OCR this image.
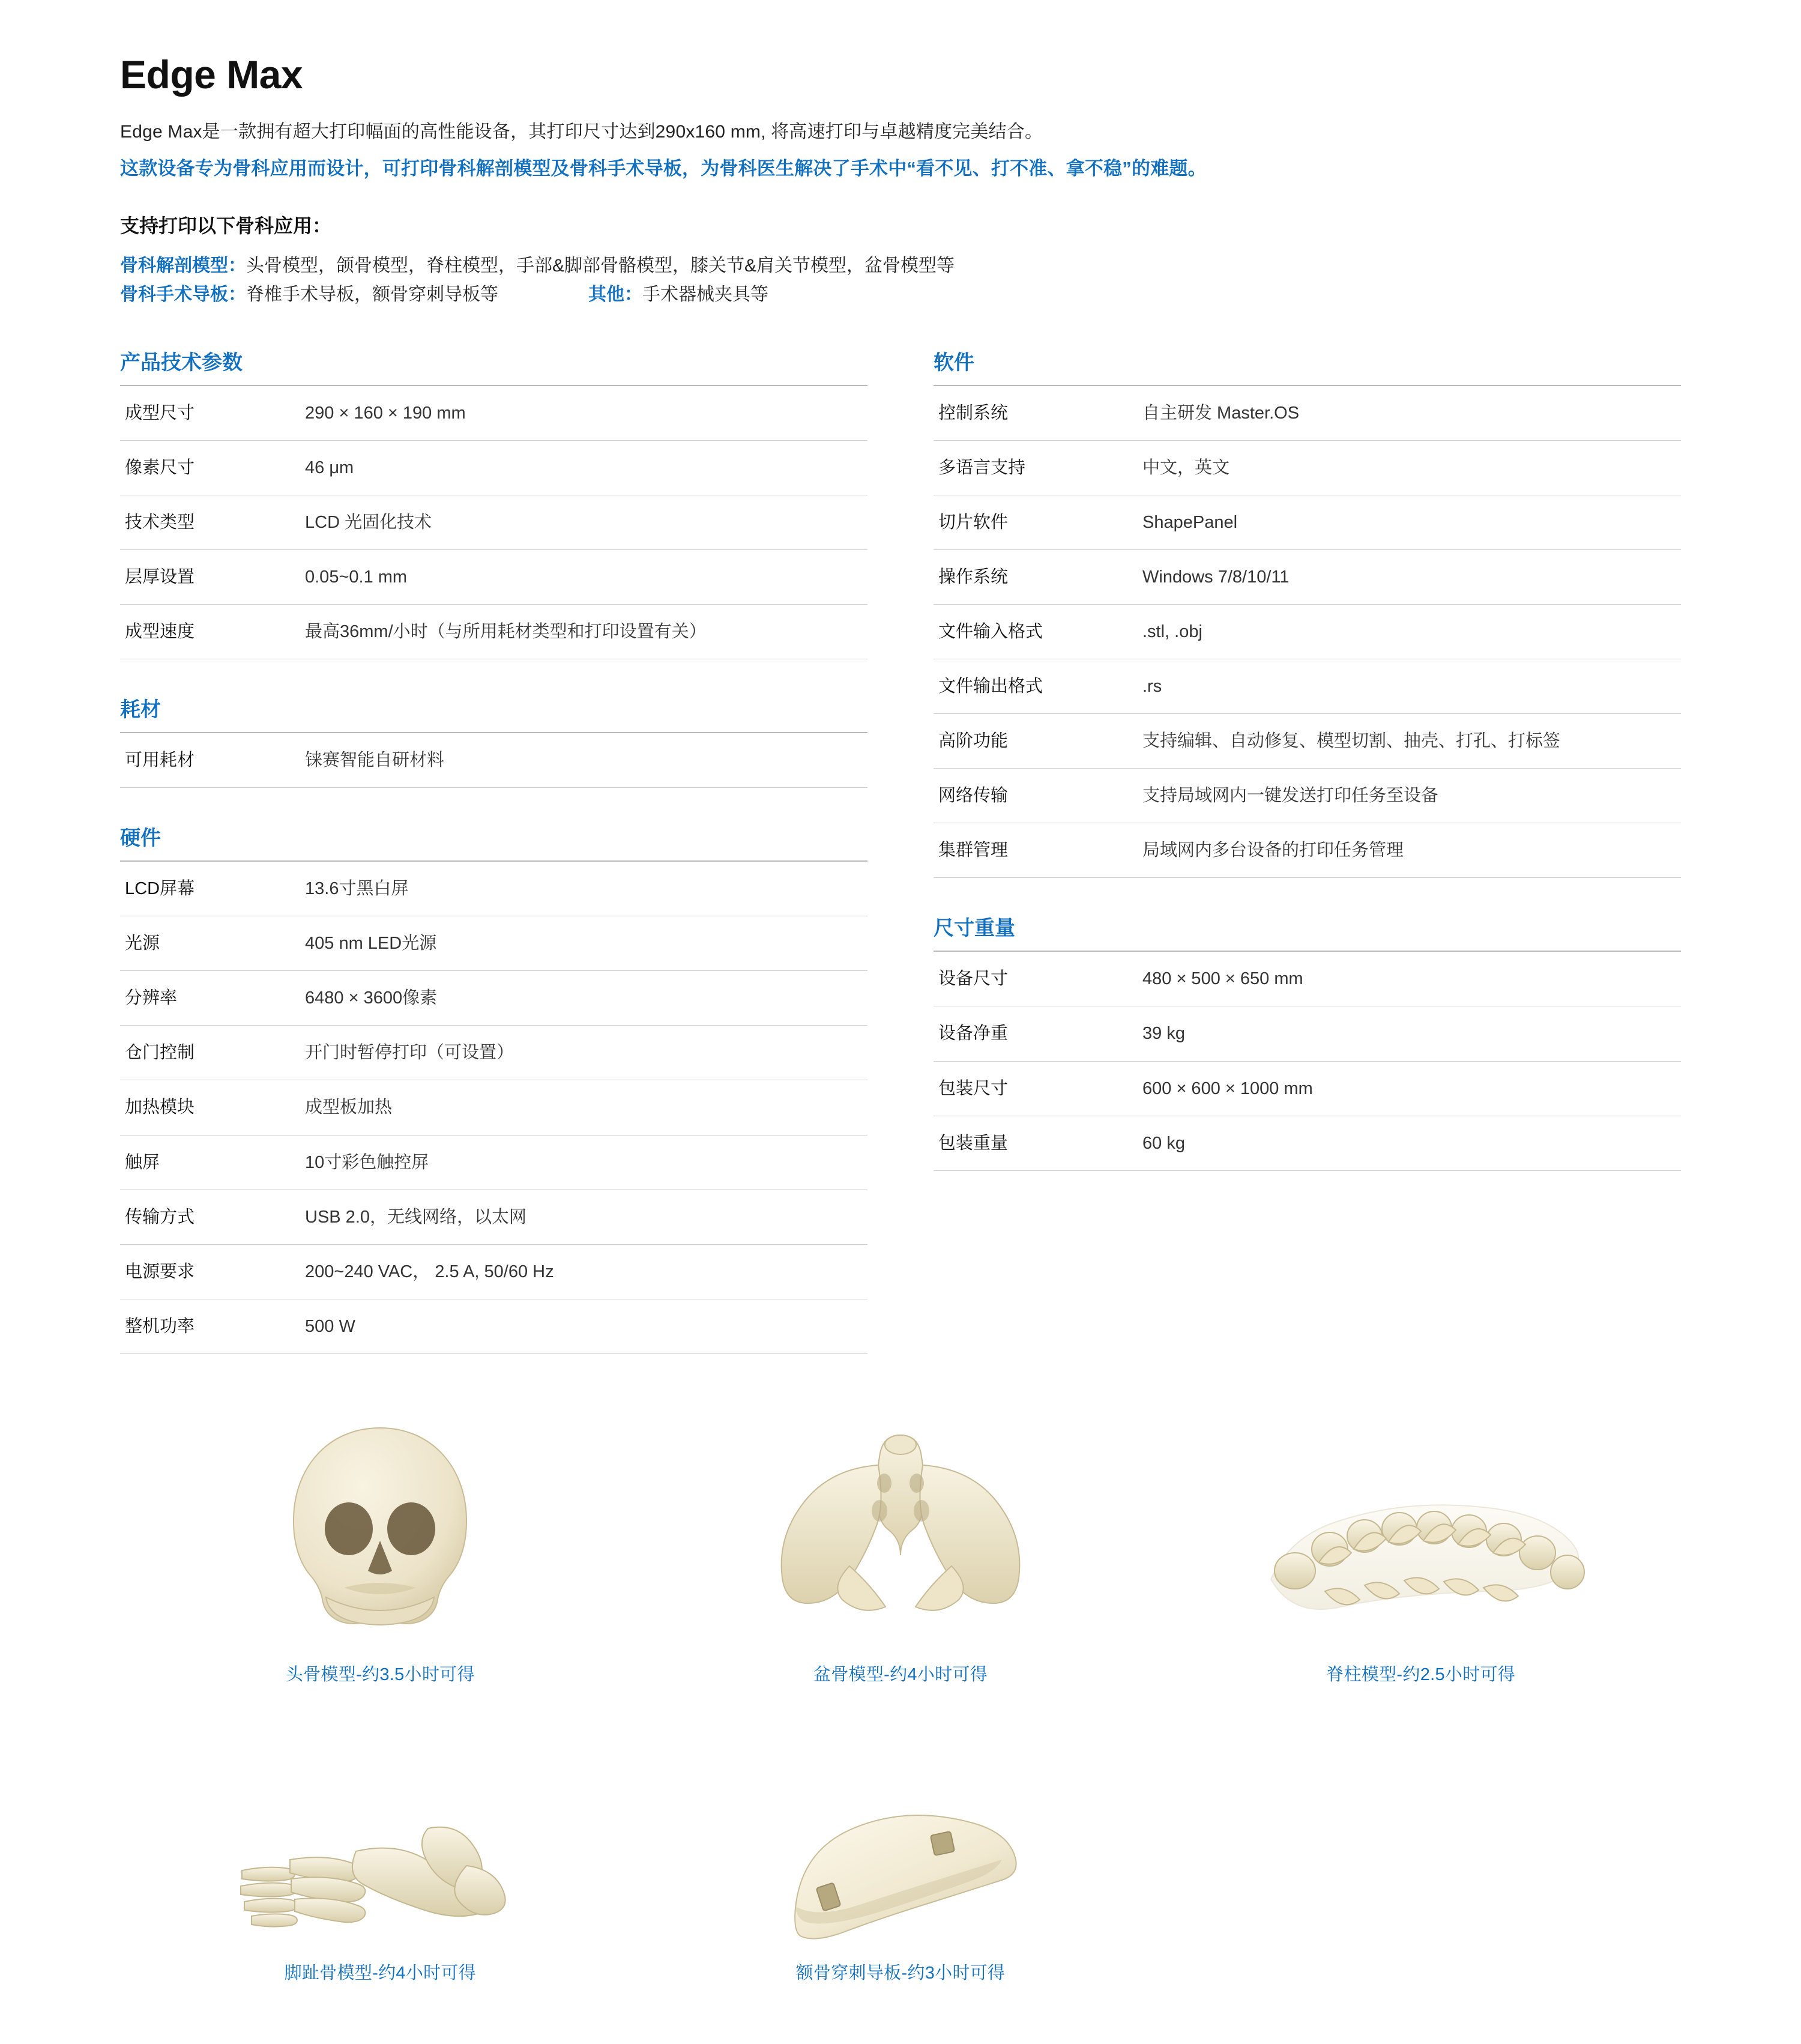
Edge Max

Edge Max是一款拥有超大打印幅面的高性能设备，其打印尺寸达到290x160 mm, 将高速打印与卓越精度完美结合。

这款设备专为骨科应用而设计，可打印骨科解剖模型及骨科手术导板，为骨科医生解决了手术中“看不见、打不准、拿不稳”的难题。

支持打印以下骨科应用：

骨科解剖模型：头骨模型，颌骨模型，脊柱模型，手部&脚部骨骼模型，膝关节&肩关节模型，盆骨模型等
骨科手术导板： 脊椎手术导板，额骨穿刺导板等	其他： 手术器械夹具等
产品技术参数
成型尺寸	290 × 160 × 190 mm
像素尺寸	46 μm
技术类型	LCD 光固化技术
层厚设置	0.05~0.1 mm
成型速度	最高36mm/小时（与所用耗材类型和打印设置有关）
耗材
可用耗材	铼赛智能自研材料
硬件
LCD屏幕	13.6寸黑白屏
光源	405 nm LED光源
分辨率	6480 × 3600像素
仓门控制	开门时暂停打印（可设置）
加热模块	成型板加热
触屏	10寸彩色触控屏
传输方式	USB 2.0，无线网络，以太网
电源要求	200~240 VAC， 2.5 A, 50/60 Hz
整机功率	500 W
软件
控制系统	自主研发 Master.OS
多语言支持	中文，英文
切片软件	ShapePanel
操作系统	Windows 7/8/10/11
文件输入格式	.stl, .obj
文件输出格式	.rs
高阶功能	支持编辑、自动修复、模型切割、抽壳、打孔、打标签
网络传输	支持局域网内一键发送打印任务至设备
集群管理	局域网内多台设备的打印任务管理
尺寸重量
设备尺寸	480 × 500 × 650 mm
设备净重	39 kg
包装尺寸	600 × 600 × 1000 mm
包装重量	60 kg
头骨模型-约3.5小时可得	盆骨模型-约4小时可得	脊柱模型-约2.5小时可得
脚趾骨模型-约4小时可得	额骨穿刺导板-约3小时可得
